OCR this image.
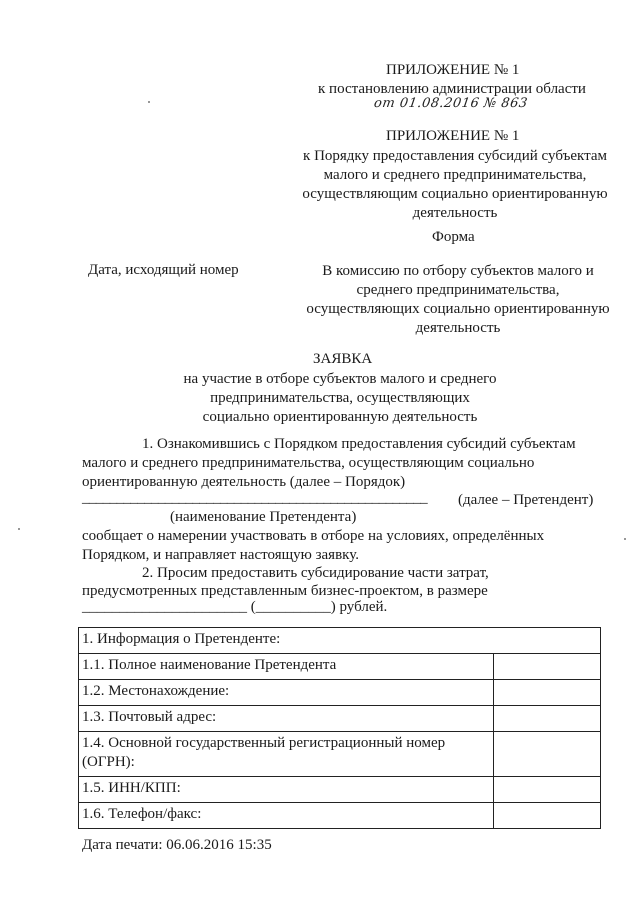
ПРИЛОЖЕНИЕ № 1
к постановлению администрации области
от 01.08.2016 № 863
ПРИЛОЖЕНИЕ № 1
к Порядку предоставления субсидий субъектам
малого и среднего предпринимательства,
осуществляющим социально ориентированную
деятельность
Форма
Дата, исходящий номер	В комиссию по отбору субъектов малого и
среднего предпринимательства,
осуществляющих социально ориентированную
деятельность
ЗАЯВКА
на участие в отборе субъектов малого и среднего
предпринимательства, осуществляющих
социально ориентированную деятельность
1. Ознакомившись с Порядком предоставления субсидий субъектам
малого и среднего предпринимательства, осуществляющим социально
ориентированную деятельность (далее – Порядок)
__________________________________________________ (далее – Претендент)
(наименование Претендента)
сообщает о намерении участвовать в отборе на условиях, определённых
Порядком, и направляет настоящую заявку.
2. Просим предоставить субсидирование части затрат,
предусмотренных представленным бизнес-проектом, в размере
______________________ (__________) рублей.
1. Информация о Претенденте:	
1.1. Полное наименование Претендента	
1.2. Местонахождение:	
1.3. Почтовый адрес:	
1.4. Основной государственный регистрационный номер (ОГРН):	
1.5. ИНН/КПП:	
1.6. Телефон/факс:	
Дата печати: 06.06.2016 15:35
